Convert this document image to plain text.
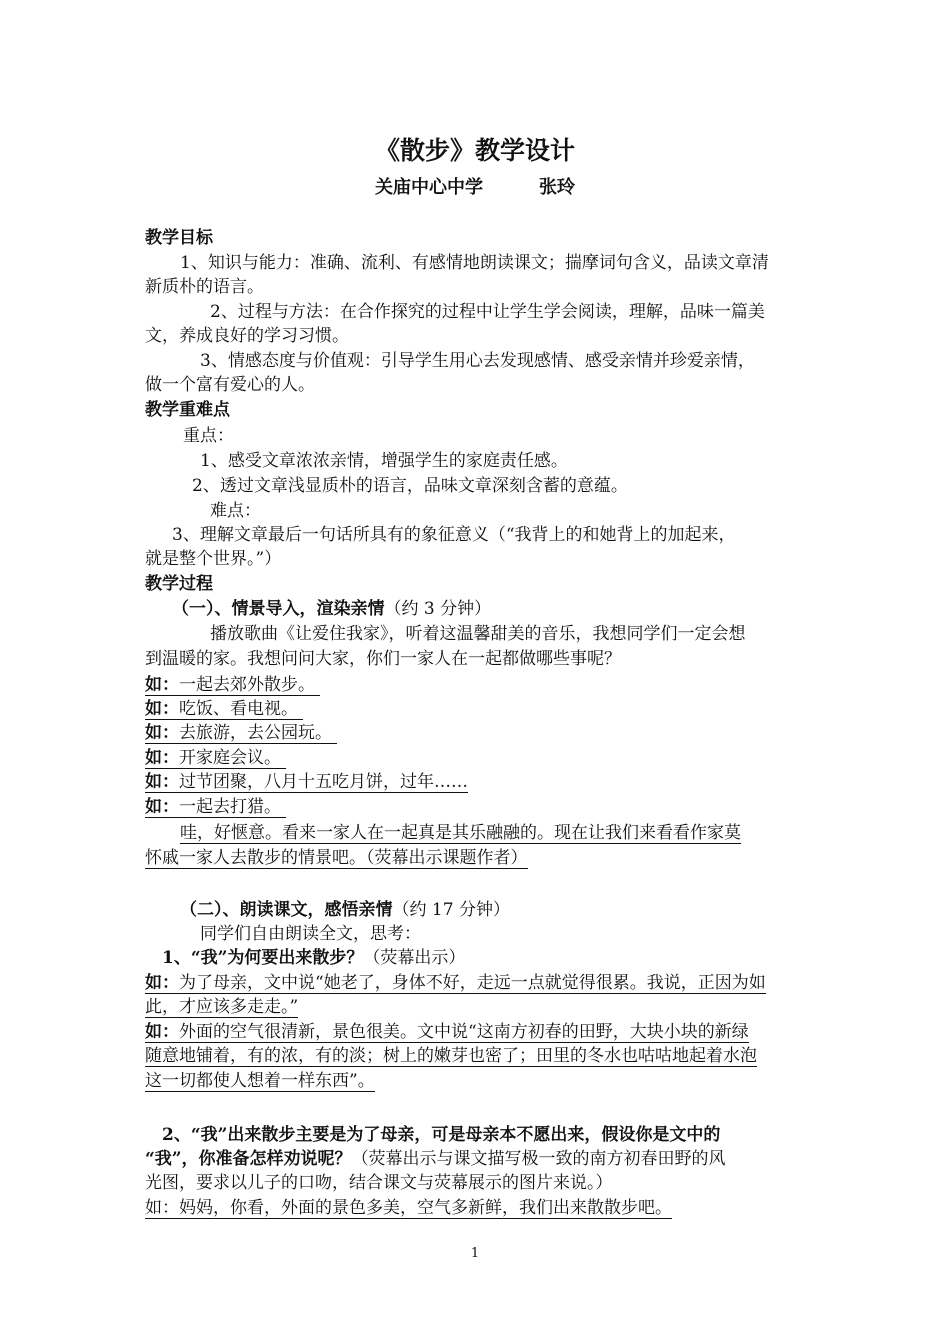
《散步》教学设计
关庙中心中学	张玲
教学目标
1、知识与能力：准确、流利、有感情地朗读课文；揣摩词句含义，品读文章清
新质朴的语言。
2、过程与方法：在合作探究的过程中让学生学会阅读，理解，品味一篇美
文，养成良好的学习习惯。
3、情感态度与价值观：引导学生用心去发现感情、感受亲情并珍爱亲情，
做一个富有爱心的人。
教学重难点
重点：
1、感受文章浓浓亲情，增强学生的家庭责任感。
2、透过文章浅显质朴的语言，品味文章深刻含蓄的意蕴。
难点：
3、理解文章最后一句话所具有的象征意义（“我背上的和她背上的加起来，
就是整个世界。”）
教学过程
（一）、情景导入，渲染亲情（约 3 分钟）
播放歌曲《让爱住我家》，听着这温馨甜美的音乐，我想同学们一定会想
到温暖的家。我想问问大家，你们一家人在一起都做哪些事呢？
如：一起去郊外散步。
如：吃饭、看电视。
如：去旅游，去公园玩。
如：开家庭会议。
如：过节团聚，八月十五吃月饼，过年……
如：一起去打猎。
哇，好惬意。看来一家人在一起真是其乐融融的。现在让我们来看看作家莫
怀戚一家人去散步的情景吧。（荧幕出示课题作者）
（二）、朗读课文，感悟亲情（约 17 分钟）
同学们自由朗读全文，思考：
1、“我”为何要出来散步？（荧幕出示）
如：为了母亲，文中说“她老了，身体不好，走远一点就觉得很累。我说，正因为如
此，才应该多走走。”
如：外面的空气很清新，景色很美。文中说“这南方初春的田野，大块小块的新绿
随意地铺着，有的浓，有的淡；树上的嫩芽也密了；田里的冬水也咕咕地起着水泡
这一切都使人想着一样东西”。
2、“我”出来散步主要是为了母亲，可是母亲本不愿出来，假设你是文中的
“我”，你准备怎样劝说呢？（荧幕出示与课文描写极一致的南方初春田野的风
光图，要求以儿子的口吻，结合课文与荧幕展示的图片来说。）
如：妈妈，你看，外面的景色多美，空气多新鲜，我们出来散散步吧。
1
